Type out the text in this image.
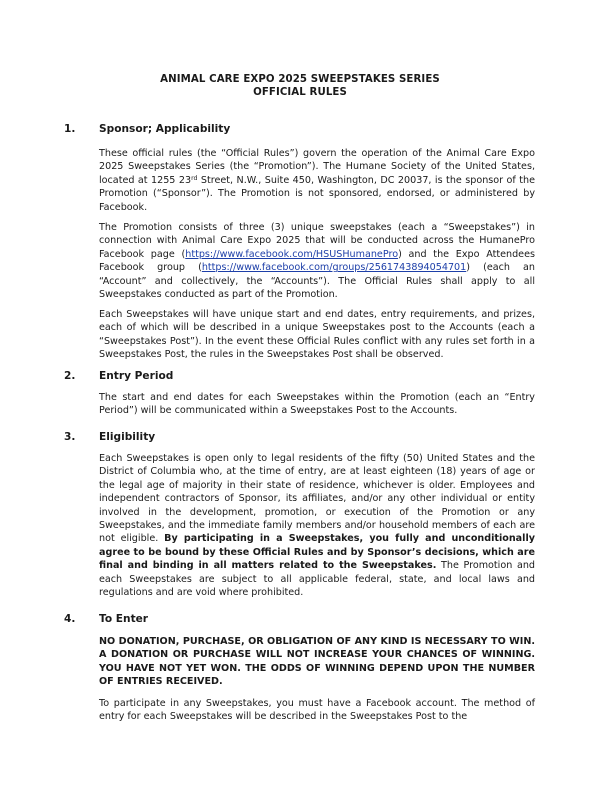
ANIMAL CARE EXPO 2025 SWEEPSTAKES SERIES
OFFICIAL RULES
1. Sponsor; Applicability

These official rules (the “Official Rules”) govern the operation of the Animal Care Expo 2025 Sweepstakes Series (the “Promotion”). The Humane Society of the United States, located at 1255 23rd Street, N.W., Suite 450, Washington, DC 20037, is the sponsor of the Promotion (“Sponsor”). The Promotion is not sponsored, endorsed, or administered by Facebook.

The Promotion consists of three (3) unique sweepstakes (each a “Sweepstakes”) in connection with Animal Care Expo 2025 that will be conducted across the HumanePro Facebook page (https://www.facebook.com/HSUSHumanePro) and the Expo Attendees Facebook group (https://www.facebook.com/groups/2561743894054701) (each an “Account” and collectively, the “Accounts”). The Official Rules shall apply to all Sweepstakes conducted as part of the Promotion.

Each Sweepstakes will have unique start and end dates, entry requirements, and prizes, each of which will be described in a unique Sweepstakes post to the Accounts (each a “Sweepstakes Post”). In the event these Official Rules conflict with any rules set forth in a Sweepstakes Post, the rules in the Sweepstakes Post shall be observed.

2. Entry Period

The start and end dates for each Sweepstakes within the Promotion (each an “Entry Period”) will be communicated within a Sweepstakes Post to the Accounts.

3. Eligibility

Each Sweepstakes is open only to legal residents of the fifty (50) United States and the District of Columbia who, at the time of entry, are at least eighteen (18) years of age or the legal age of majority in their state of residence, whichever is older. Employees and independent contractors of Sponsor, its affiliates, and/or any other individual or entity involved in the development, promotion, or execution of the Promotion or any Sweepstakes, and the immediate family members and/or household members of each are not eligible. By participating in a Sweepstakes, you fully and unconditionally agree to be bound by these Official Rules and by Sponsor’s decisions, which are final and binding in all matters related to the Sweepstakes. The Promotion and each Sweepstakes are subject to all applicable federal, state, and local laws and regulations and are void where prohibited.

4. To Enter

NO DONATION, PURCHASE, OR OBLIGATION OF ANY KIND IS NECESSARY TO WIN. A DONATION OR PURCHASE WILL NOT INCREASE YOUR CHANCES OF WINNING. YOU HAVE NOT YET WON. THE ODDS OF WINNING DEPEND UPON THE NUMBER OF ENTRIES RECEIVED.

To participate in any Sweepstakes, you must have a Facebook account. The method of entry for each Sweepstakes will be described in the Sweepstakes Post to the
